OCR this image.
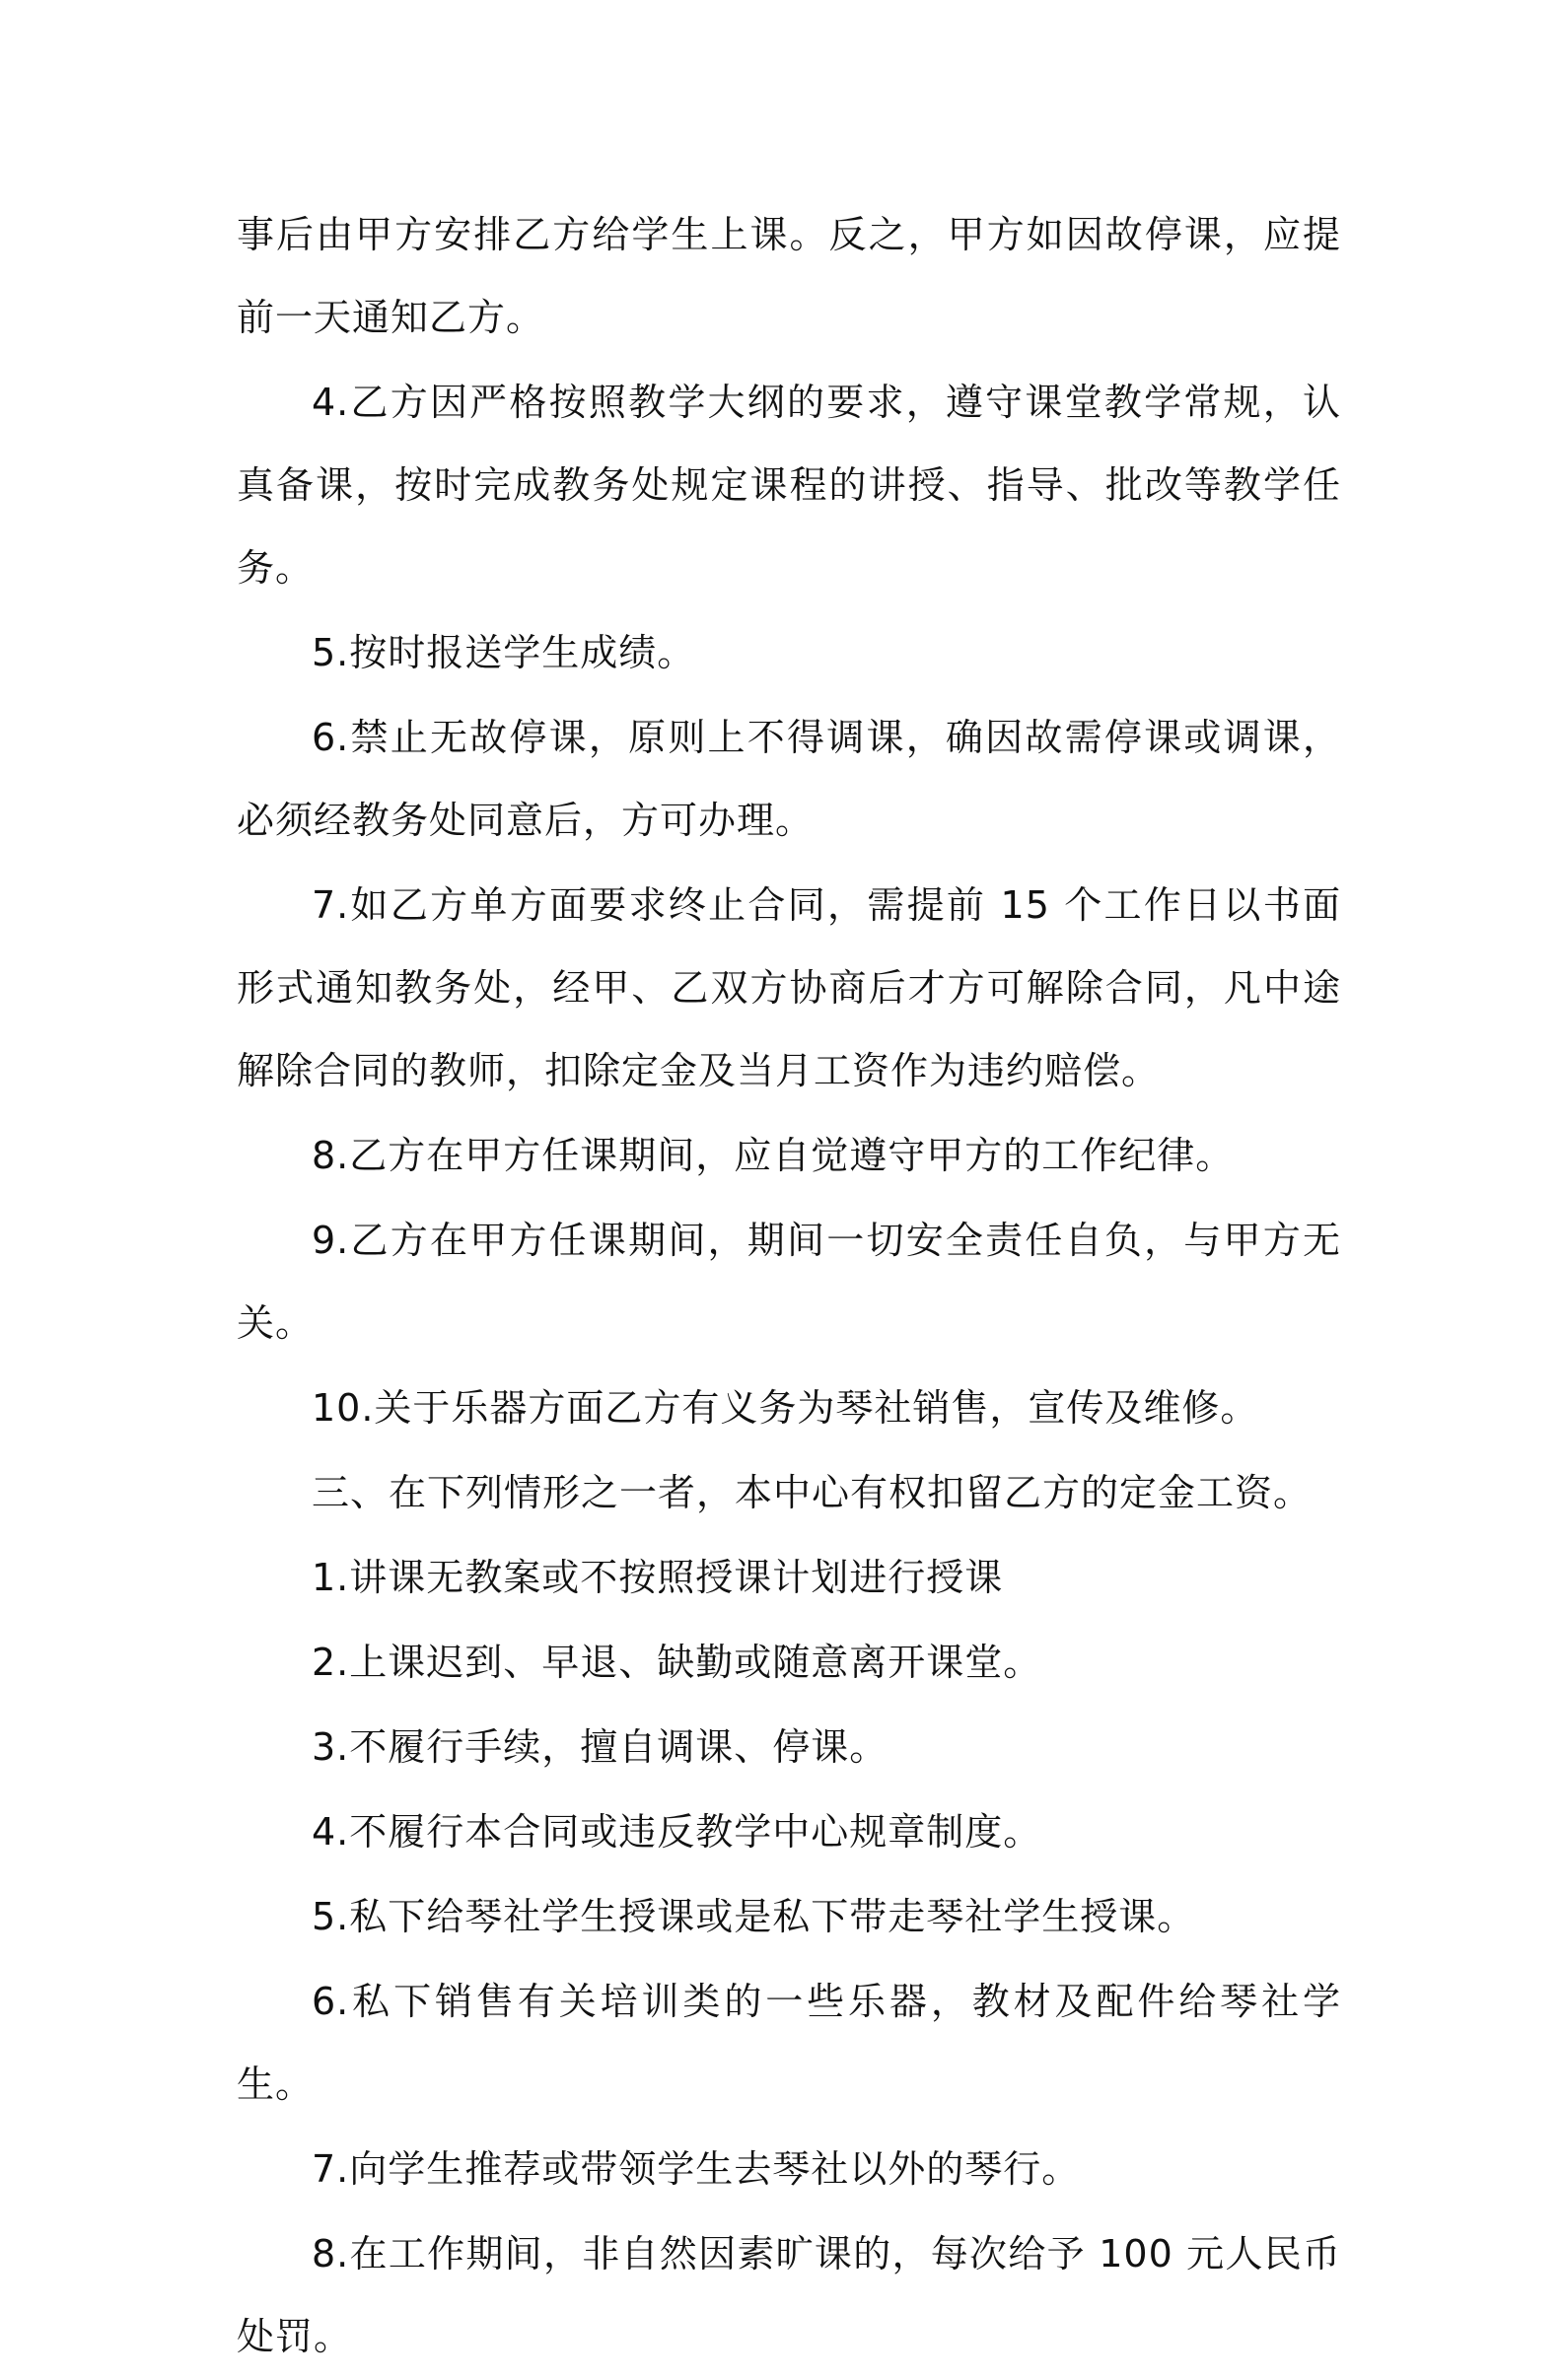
事后由甲方安排乙方给学生上课。反之，甲方如因故停课，应提前一天通知乙方。

4.乙方因严格按照教学大纲的要求，遵守课堂教学常规，认真备课，按时完成教务处规定课程的讲授、指导、批改等教学任务。

5.按时报送学生成绩。

6.禁止无故停课，原则上不得调课，确因故需停课或调课，必须经教务处同意后，方可办理。

7.如乙方单方面要求终止合同，需提前 15 个工作日以书面形式通知教务处，经甲、乙双方协商后才方可解除合同，凡中途解除合同的教师，扣除定金及当月工资作为违约赔偿。

8.乙方在甲方任课期间，应自觉遵守甲方的工作纪律。

9.乙方在甲方任课期间，期间一切安全责任自负，与甲方无关。

10.关于乐器方面乙方有义务为琴社销售，宣传及维修。

三、在下列情形之一者，本中心有权扣留乙方的定金工资。

1.讲课无教案或不按照授课计划进行授课

2.上课迟到、早退、缺勤或随意离开课堂。

3.不履行手续，擅自调课、停课。

4.不履行本合同或违反教学中心规章制度。

5.私下给琴社学生授课或是私下带走琴社学生授课。

6.私下销售有关培训类的一些乐器，教材及配件给琴社学生。

7.向学生推荐或带领学生去琴社以外的琴行。

8.在工作期间，非自然因素旷课的，每次给予 100 元人民币处罚。
